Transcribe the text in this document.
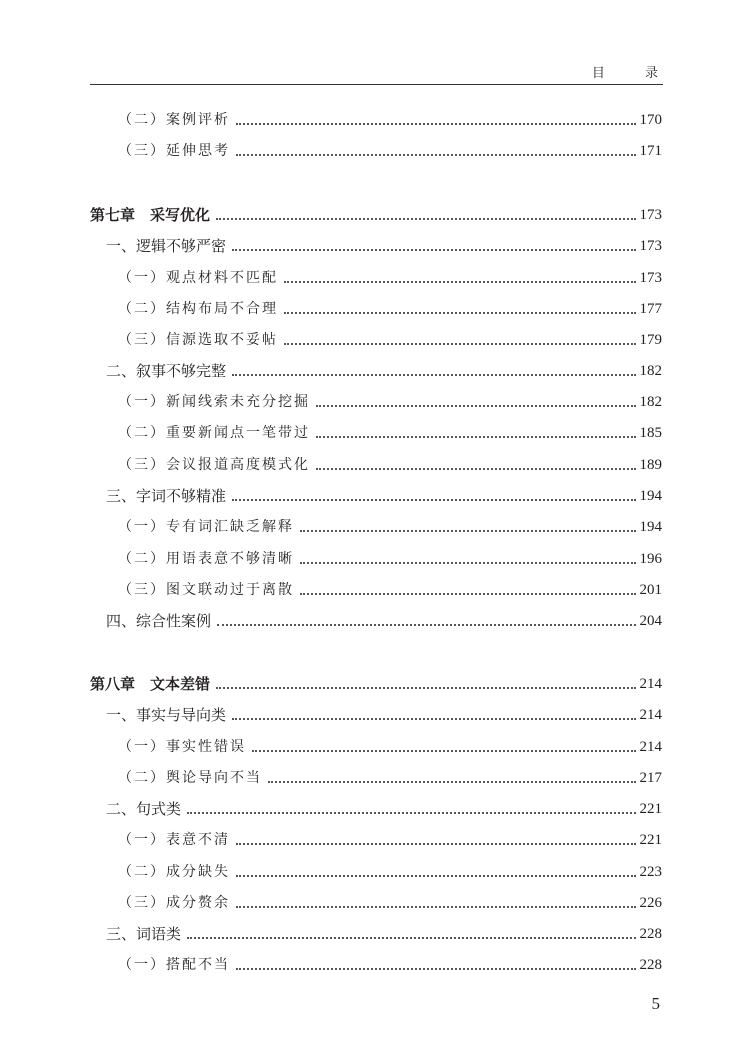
目 录
（二）案例评析	170
（三）延伸思考	171
第七章　采写优化	173
一、逻辑不够严密	173
（一）观点材料不匹配	173
（二）结构布局不合理	177
（三）信源选取不妥帖	179
二、叙事不够完整	182
（一）新闻线索未充分挖掘	182
（二）重要新闻点一笔带过	185
（三）会议报道高度模式化	189
三、字词不够精准	194
（一）专有词汇缺乏解释	194
（二）用语表意不够清晰	196
（三）图文联动过于离散	201
四、综合性案例	204
第八章　文本差错	214
一、事实与导向类	214
（一）事实性错误	214
（二）舆论导向不当	217
二、句式类	221
（一）表意不清	221
（二）成分缺失	223
（三）成分赘余	226
三、词语类	228
（一）搭配不当	228
5
